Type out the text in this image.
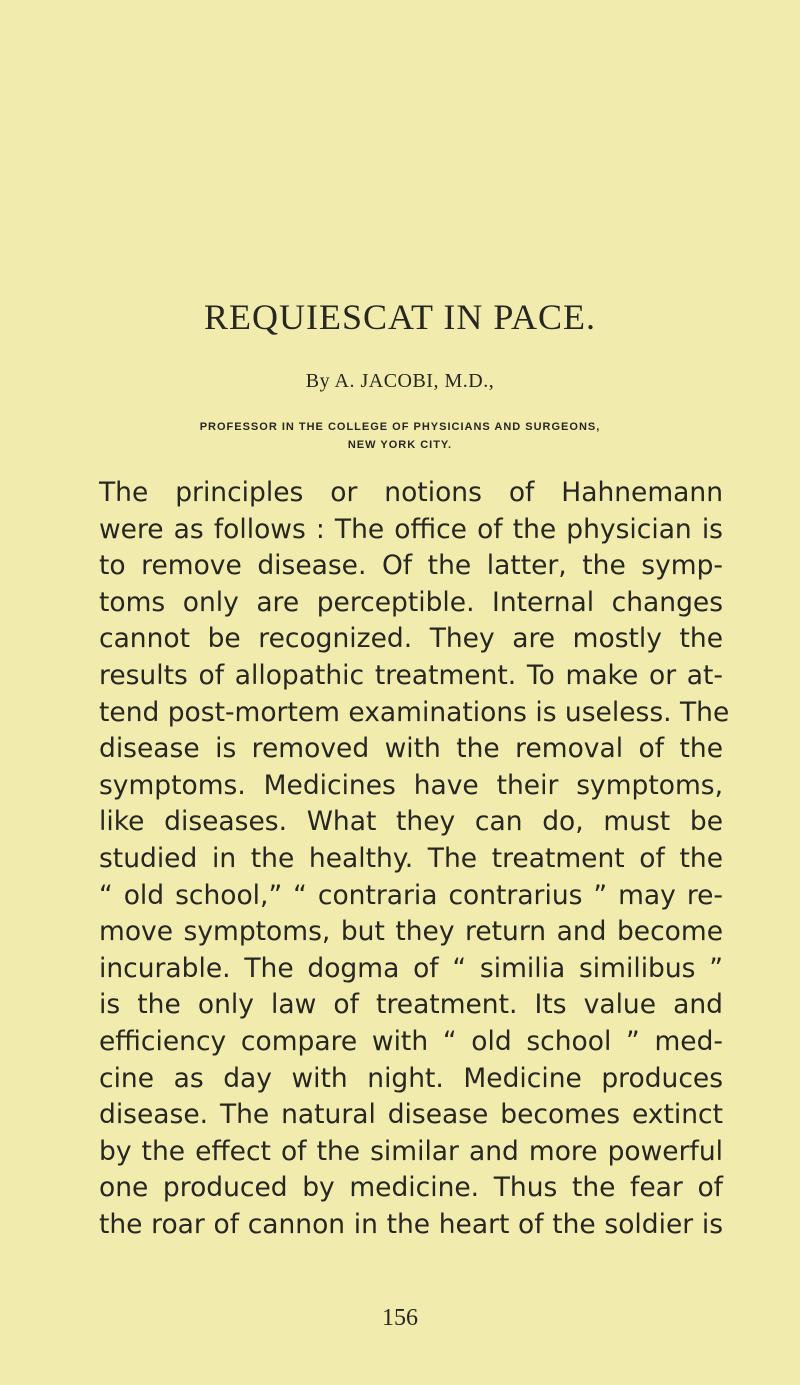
REQUIESCAT IN PACE.
By A. JACOBI, M.D.,
PROFESSOR IN THE COLLEGE OF PHYSICIANS AND SURGEONS,
NEW YORK CITY.
The principles or notions of Hahnemann
were as follows : The office of the physician is
to remove disease. Of the latter, the symp-
toms only are perceptible. Internal changes
cannot be recognized. They are mostly the
results of allopathic treatment. To make or at-
tend post-mortem examinations is useless. The
disease is removed with the removal of the
symptoms. Medicines have their symptoms,
like diseases. What they can do, must be
studied in the healthy. The treatment of the
“ old school,” “ contraria contrarius ” may re-
move symptoms, but they return and become
incurable. The dogma of “ similia similibus ”
is the only law of treatment. Its value and
efficiency compare with “ old school ” med-
cine as day with night. Medicine produces
disease. The natural disease becomes extinct
by the effect of the similar and more powerful
one produced by medicine. Thus the fear of
the roar of cannon in the heart of the soldier is
156
